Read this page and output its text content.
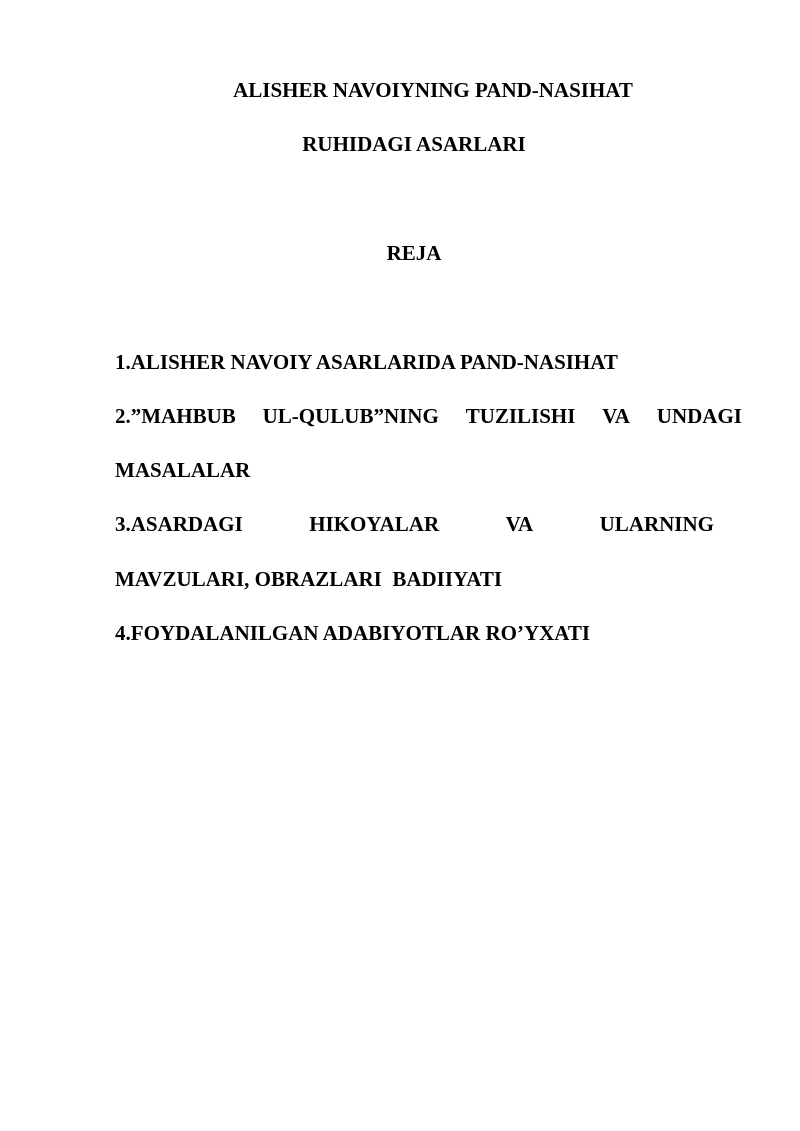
ALISHER NAVOIYNING PAND-NASIHAT
RUHIDAGI ASARLARI
REJA
1.ALISHER NAVOIY ASARLARIDA PAND-NASIHAT
2.”MAHBUB UL-QULUB”NING TUZILISHI VA UNDAGI
MASALALAR
3.ASARDAGI	HIKOYALAR	VA	ULARNING
MAVZULARI, OBRAZLARI  BADIIYATI
4.FOYDALANILGAN ADABIYOTLAR RO’YXATI
